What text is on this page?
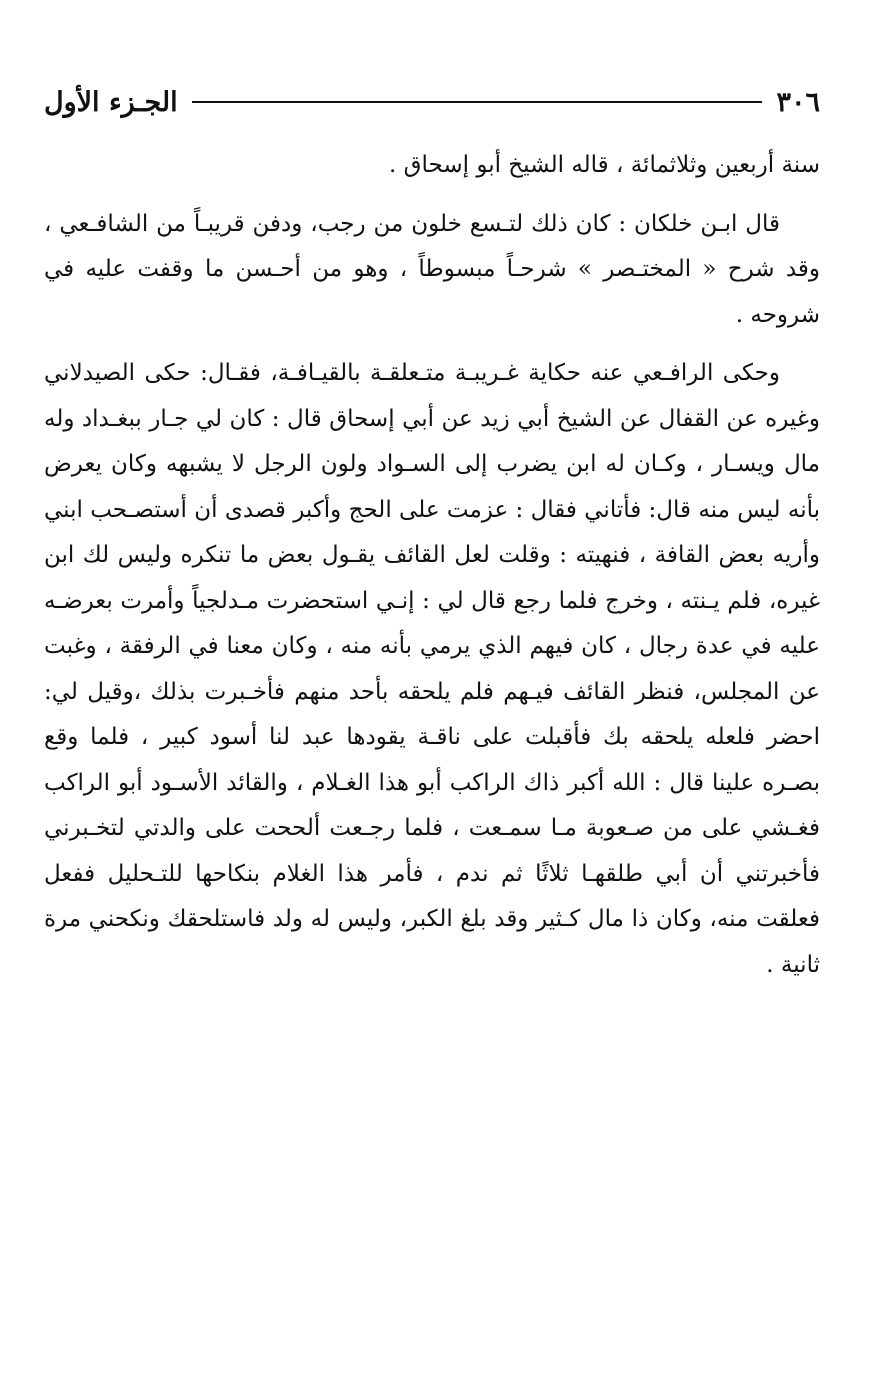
٣٠٦
الجـزء الأول

سنة أربعين وثلاثمائة ، قاله الشيخ أبو إسحاق .

قال ابـن خلكان : كان ذلك لتـسع خلون من رجب، ودفن قريبـاً من الشافـعي ، وقد شرح « المختـصر » شرحـاً مبسوطاً ، وهو من أحـسن ما وقفت عليه في شروحه .

وحكى الرافـعي عنه حكاية غـريبـة متـعلقـة بالقيـافـة، فقـال: حكى الصيدلاني وغيره عن القفال عن الشيخ أبي زيد عن أبي إسحاق قال : كان لي جـار ببغـداد وله مال ويسـار ، وكـان له ابن يضرب إلى السـواد ولون الرجل لا يشبهه وكان يعرض بأنه ليس منه قال: فأتاني فقال : عزمت على الحج وأكبر قصدى أن أستصـحب ابني وأريه بعض القافة ، فنهيته : وقلت لعل القائف يقـول بعض ما تنكره وليس لك ابن غيره، فلم يـنته ، وخرج فلما رجع قال لي : إنـي استحضرت مـدلجياً وأمرت بعرضـه عليه في عدة رجال ، كان فيهم الذي يرمي بأنه منه ، وكان معنا في الرفقة ، وغبت عن المجلس، فنظر القائف فيـهم فلم يلحقه بأحد منهم فأخـبرت بذلك ،وقيل لي: احضر فلعله يلحقه بك فأقبلت على ناقـة يقودها عبد لنا أسود كبير ، فلما وقع بصـره علينا قال : الله أكبر ذاك الراكب أبو هذا الغـلام ، والقائد الأسـود أبو الراكب فغـشي على من صـعوبة مـا سمـعت ، فلما رجـعت ألححت على والدتي لتخـبرني فأخبرتني أن أبي طلقهـا ثلاثًا ثم ندم ، فأمر هذا الغلام بنكاحها للتـحليل ففعل فعلقت منه، وكان ذا مال كـثير وقد بلغ الكبر، وليس له ولد فاستلحقك ونكحني مرة ثانية .
